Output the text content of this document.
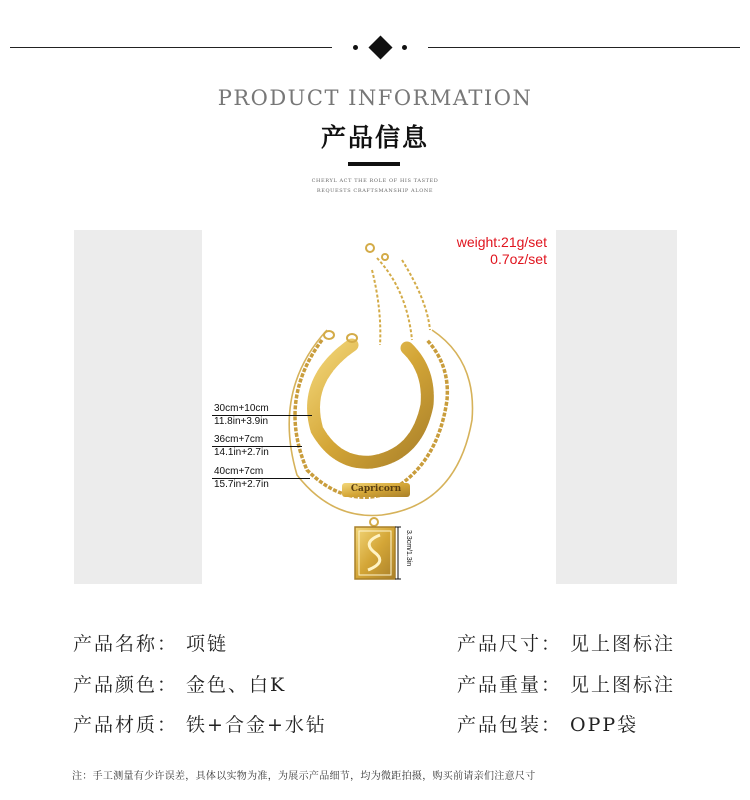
PRODUCT INFORMATION
产品信息
CHERYL ACT THE ROLE OF HIS TASTED
REQUESTS CRAFTSMANSHIP ALONE
Capricorn
3.3cm/1.3in
weight:21g/set
0.7oz/set
30cm+10cm
11.8in+3.9in
36cm+7cm
14.1in+2.7in
40cm+7cm
15.7in+2.7in
产品名称： 项链	产品尺寸： 见上图标注
产品颜色： 金色、白K	产品重量： 见上图标注
产品材质： 铁+合金+水钻	产品包装： OPP袋
注：手工测量有少许误差，具体以实物为准，为展示产品细节，均为微距拍摄，购买前请亲们注意尺寸
